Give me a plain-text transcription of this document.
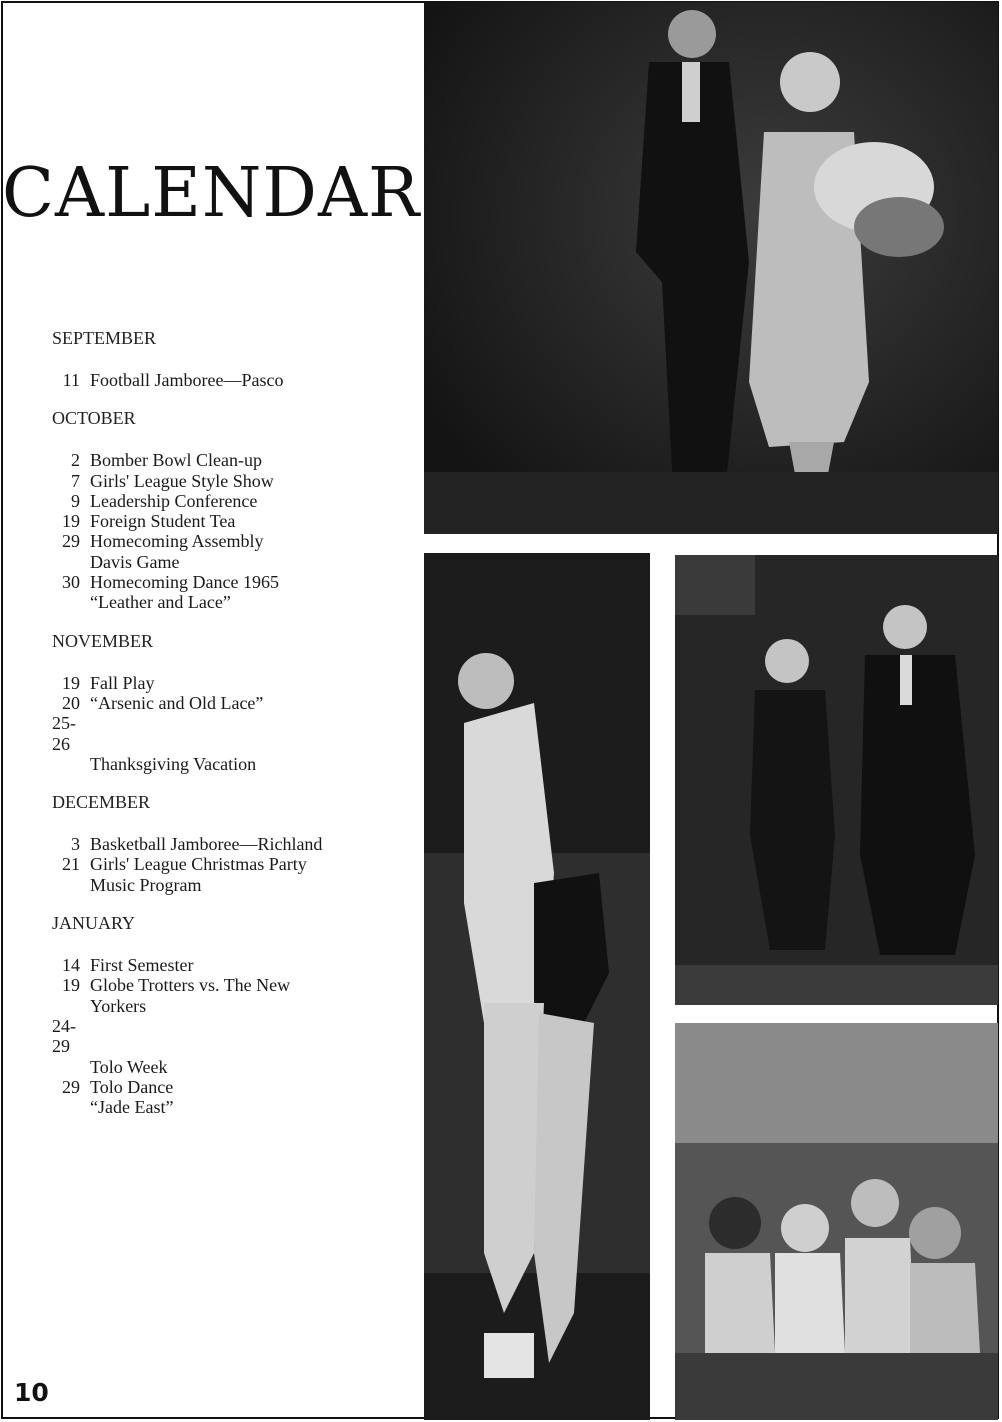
CALENDAR
SEPTEMBER
11 Football Jamboree—Pasco
OCTOBER
2 Bomber Bowl Clean-up
7 Girls' League Style Show
9 Leadership Conference
19 Foreign Student Tea
29 Homecoming Assembly
Davis Game
30 Homecoming Dance 1965
“Leather and Lace”
NOVEMBER
19 Fall Play
20 “Arsenic and Old Lace”
25-26
Thanksgiving Vacation
DECEMBER
3 Basketball Jamboree—Richland
21 Girls' League Christmas Party
Music Program
JANUARY
14 First Semester
19 Globe Trotters vs. The New
Yorkers
24-29
Tolo Week
29 Tolo Dance
“Jade East”
10
